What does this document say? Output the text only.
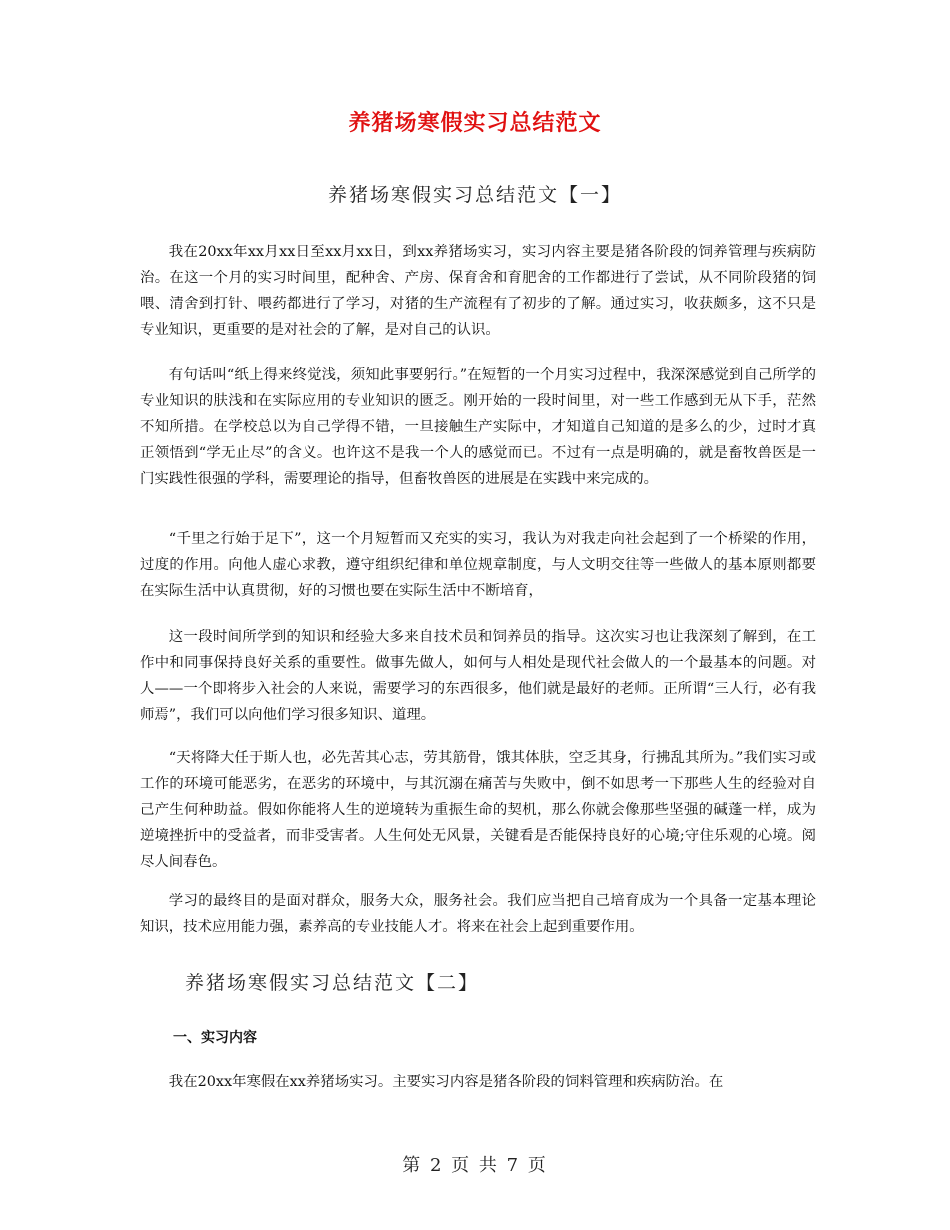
养猪场寒假实习总结范文
养猪场寒假实习总结范文【一】

我在20xx年xx月xx日至xx月xx日，到xx养猪场实习，实习内容主要是猪各阶段的饲养管理与疾病防治。在这一个月的实习时间里，配种舍、产房、保育舍和育肥舍的工作都进行了尝试，从不同阶段猪的饲喂、清舍到打针、喂药都进行了学习，对猪的生产流程有了初步的了解。通过实习，收获颇多，这不只是专业知识，更重要的是对社会的了解，是对自己的认识。

有句话叫“纸上得来终觉浅，须知此事要躬行。”在短暂的一个月实习过程中，我深深感觉到自己所学的专业知识的肤浅和在实际应用的专业知识的匮乏。刚开始的一段时间里，对一些工作感到无从下手，茫然不知所措。在学校总以为自己学得不错，一旦接触生产实际中，才知道自己知道的是多么的少，过时才真正领悟到“学无止尽”的含义。也许这不是我一个人的感觉而已。不过有一点是明确的，就是畜牧兽医是一门实践性很强的学科，需要理论的指导，但畜牧兽医的进展是在实践中来完成的。

“千里之行始于足下”，这一个月短暂而又充实的实习，我认为对我走向社会起到了一个桥梁的作用，过度的作用。向他人虚心求教，遵守组织纪律和单位规章制度，与人文明交往等一些做人的基本原则都要在实际生活中认真贯彻，好的习惯也要在实际生活中不断培育，

这一段时间所学到的知识和经验大多来自技术员和饲养员的指导。这次实习也让我深刻了解到，在工作中和同事保持良好关系的重要性。做事先做人，如何与人相处是现代社会做人的一个最基本的问题。对人——一个即将步入社会的人来说，需要学习的东西很多，他们就是最好的老师。正所谓“三人行，必有我师焉”，我们可以向他们学习很多知识、道理。

“天将降大任于斯人也，必先苦其心志，劳其筋骨，饿其体肤，空乏其身，行拂乱其所为。”我们实习或工作的环境可能恶劣，在恶劣的环境中，与其沉溺在痛苦与失败中，倒不如思考一下那些人生的经验对自己产生何种助益。假如你能将人生的逆境转为重振生命的契机，那么你就会像那些坚强的碱蓬一样，成为逆境挫折中的受益者，而非受害者。人生何处无风景，关键看是否能保持良好的心境;守住乐观的心境。阅尽人间春色。

学习的最终目的是面对群众，服务大众，服务社会。我们应当把自己培育成为一个具备一定基本理论知识，技术应用能力强，素养高的专业技能人才。将来在社会上起到重要作用。

养猪场寒假实习总结范文【二】
一、实习内容

我在20xx年寒假在xx养猪场实习。主要实习内容是猪各阶段的饲料管理和疾病防治。在

第 2 页 共 7 页
